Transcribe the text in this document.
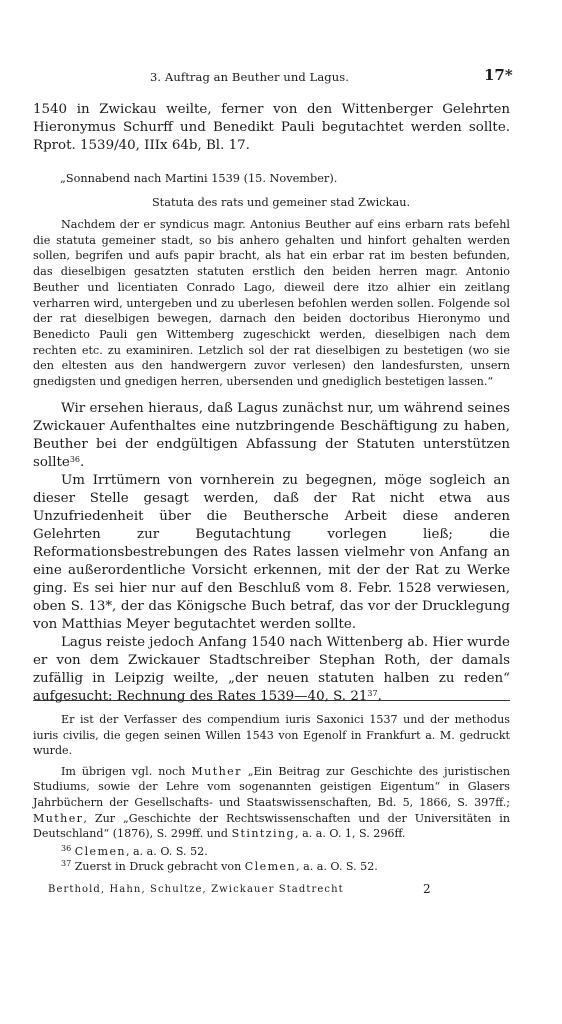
3. Auftrag an Beuther und Lagus.	17*
1540 in Zwickau weilte, ferner von den Wittenberger Gelehrten Hieronymus Schurff und Benedikt Pauli begutachtet werden sollte. Rprot. 1539/40, IIIx 64b, Bl. 17.
„Sonnabend nach Martini 1539 (15. November).
Statuta des rats und gemeiner stad Zwickau.

Nachdem der er syndicus magr. Antonius Beuther auf eins erbarn rats befehl die statuta gemeiner stadt, so bis anhero gehalten und hinfort gehalten werden sollen, begrifen und aufs papir bracht, als hat ein erbar rat im besten befunden, das dieselbigen gesatzten statuten erstlich den beiden herren magr. Antonio Beuther und licentiaten Conrado Lago, dieweil dere itzo alhier ein zeitlang verharren wird, untergeben und zu uberlesen befohlen werden sollen. Folgende sol der rat dieselbigen bewegen, darnach den beiden doctoribus Hieronymo und Benedicto Pauli gen Wittemberg zugeschickt werden, dieselbigen nach dem rechten etc. zu examiniren. Letzlich sol der rat dieselbigen zu bestetigen (wo sie den eltesten aus den handwergern zuvor verlesen) den landesfursten, unsern gnedigsten und gnedigen herren, ubersenden und gnediglich bestetigen lassen.“

Wir ersehen hieraus, daß Lagus zunächst nur, um während seines Zwickauer Aufenthaltes eine nutzbringende Beschäftigung zu haben, Beuther bei der endgültigen Abfassung der Statuten unterstützen sollte$^{36}$.

Um Irrtümern von vornherein zu begegnen, möge sogleich an dieser Stelle gesagt werden, daß der Rat nicht etwa aus Unzufriedenheit über die Beuthersche Arbeit diese anderen Gelehrten zur Begutachtung vorlegen ließ; die Reformationsbestrebungen des Rates lassen vielmehr von Anfang an eine außerordentliche Vorsicht erkennen, mit der der Rat zu Werke ging. Es sei hier nur auf den Beschluß vom 8. Febr. 1528 verwiesen, oben S. 13*, der das Königsche Buch betraf, das vor der Drucklegung von Matthias Meyer begutachtet werden sollte.

Lagus reiste jedoch Anfang 1540 nach Wittenberg ab. Hier wurde er von dem Zwickauer Stadtschreiber Stephan Roth, der damals zufällig in Leipzig weilte, „der neuen statuten halben zu reden“ aufgesucht: Rechnung des Rates 1539—40, S. $21^{37}$.

Er ist der Verfasser des compendium iuris Saxonici 1537 und der methodus iuris civilis, die gegen seinen Willen 1543 von Egenolf in Frankfurt a. M. gedruckt wurde.

Im übrigen vgl. noch Muther „Ein Beitrag zur Geschichte des juristischen Studiums, sowie der Lehre vom sogenannten geistigen Eigentum“ in Glasers Jahrbüchern der Gesellschafts- und Staatswissenschaften, Bd. 5, 1866, S. 397ff.; Muther, Zur „Geschichte der Rechtswissenschaften und der Universitäten in Deutschland“ (1876), S. 299ff. und Stintzing, a. a. O. 1, S. 296ff.

$^{36}$ Clemen, a. a. O. S. 52.

$^{37}$ Zuerst in Druck gebracht von Clemen, a. a. O. S. 52.

Berthold, Hahn, Schultze, Zwickauer Stadtrecht	2
